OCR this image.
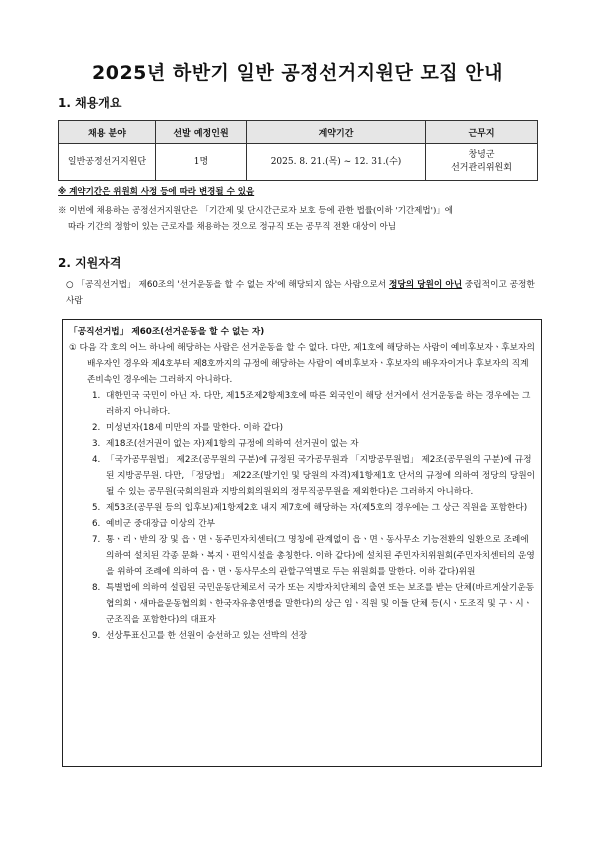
2025년 하반기 일반 공정선거지원단 모집 안내
1. 채용개요
채용 분야	선발 예정인원	계약기간	근무지
일반공정선거지원단	1명	2025. 8. 21.(목) ~ 12. 31.(수)	창녕군
선거관리위원회
※ 계약기간은 위원회 사정 등에 따라 변경될 수 있음
※ 이번에 채용하는 공정선거지원단은 「기간제 및 단시간근로자 보호 등에 관한 법률(이하 '기간제법')」에
따라 기간의 정함이 있는 근로자를 채용하는 것으로 정규직 또는 공무직 전환 대상이 아님
2. 지원자격
○ 「공직선거법」 제60조의 '선거운동을 할 수 없는 자'에 해당되지 않는 사람으로서 정당의 당원이 아닌 중립적이고 공정한 사람
「공직선거법」 제60조(선거운동을 할 수 없는 자)

① 다음 각 호의 어느 하나에 해당하는 사람은 선거운동을 할 수 없다. 다만, 제1호에 해당하는 사람이 예비후보자ㆍ후보자의 배우자인 경우와 제4호부터 제8호까지의 규정에 해당하는 사람이 예비후보자ㆍ후보자의 배우자이거나 후보자의 직계존비속인 경우에는 그러하지 아니하다.

1. 대한민국 국민이 아닌 자. 다만, 제15조제2항제3호에 따른 외국인이 해당 선거에서 선거운동을 하는 경우에는 그러하지 아니하다.
2. 미성년자(18세 미만의 자를 말한다. 이하 같다)
3. 제18조(선거권이 없는 자)제1항의 규정에 의하여 선거권이 없는 자
4. 「국가공무원법」 제2조(공무원의 구분)에 규정된 국가공무원과 「지방공무원법」 제2조(공무원의 구분)에 규정된 지방공무원. 다만, 「정당법」 제22조(발기인 및 당원의 자격)제1항제1호 단서의 규정에 의하여 정당의 당원이 될 수 있는 공무원(국회의원과 지방의회의원외의 정무직공무원을 제외한다)은 그러하지 아니하다.
5. 제53조(공무원 등의 입후보)제1항제2호 내지 제7호에 해당하는 자(제5호의 경우에는 그 상근 직원을 포함한다)
6. 예비군 중대장급 이상의 간부
7. 통ㆍ리ㆍ반의 장 및 읍ㆍ면ㆍ동주민자치센터(그 명칭에 관계없이 읍ㆍ면ㆍ동사무소 기능전환의 일환으로 조례에 의하여 설치된 각종 문화ㆍ복지ㆍ편익시설을 총칭한다. 이하 같다)에 설치된 주민자치위원회(주민자치센터의 운영을 위하여 조례에 의하여 읍ㆍ면ㆍ동사무소의 관할구역별로 두는 위원회를 말한다. 이하 같다)위원
8. 특별법에 의하여 설립된 국민운동단체로서 국가 또는 지방자치단체의 출연 또는 보조를 받는 단체(바르게살기운동협의회ㆍ새마을운동협의회ㆍ한국자유총연맹을 말한다)의 상근 임ㆍ직원 및 이들 단체 등(시ㆍ도조직 및 구ㆍ시ㆍ군조직을 포함한다)의 대표자
9. 선상투표신고를 한 선원이 승선하고 있는 선박의 선장
